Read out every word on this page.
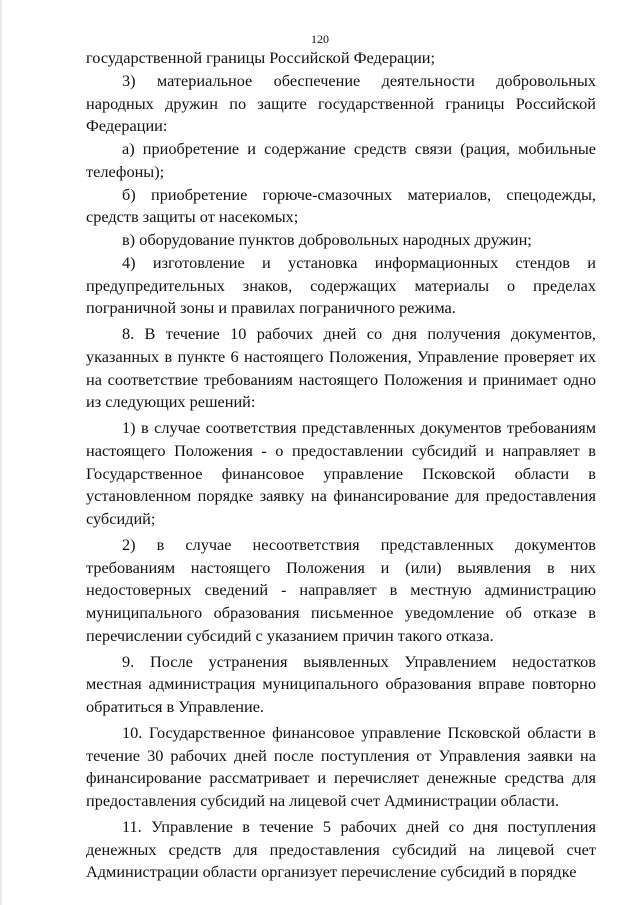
120

государственной границы Российской Федерации;

3) материальное обеспечение деятельности добровольных народных дружин по защите государственной границы Российской Федерации:

а) приобретение и содержание средств связи (рация, мобильные телефоны);

б) приобретение горюче-смазочных материалов, спецодежды, средств защиты от насекомых;

в) оборудование пунктов добровольных народных дружин;

4) изготовление и установка информационных стендов и предупредительных знаков, содержащих материалы о пределах пограничной зоны и правилах пограничного режима.

8. В течение 10 рабочих дней со дня получения документов, указанных в пункте 6 настоящего Положения, Управление проверяет их на соответствие требованиям настоящего Положения и принимает одно из следующих решений:

1) в случае соответствия представленных документов требованиям настоящего Положения - о предоставлении субсидий и направляет в Государственное финансовое управление Псковской области в установленном порядке заявку на финансирование для предоставления субсидий;

2) в случае несоответствия представленных документов требованиям настоящего Положения и (или) выявления в них недостоверных сведений - направляет в местную администрацию муниципального образования письменное уведомление об отказе в перечислении субсидий с указанием причин такого отказа.

9. После устранения выявленных Управлением недостатков местная администрация муниципального образования вправе повторно обратиться в Управление.

10. Государственное финансовое управление Псковской области в течение 30 рабочих дней после поступления от Управления заявки на финансирование рассматривает и перечисляет денежные средства для предоставления субсидий на лицевой счет Администрации области.

11. Управление в течение 5 рабочих дней со дня поступления денежных средств для предоставления субсидий на лицевой счет Администрации области организует перечисление субсидий в порядке
